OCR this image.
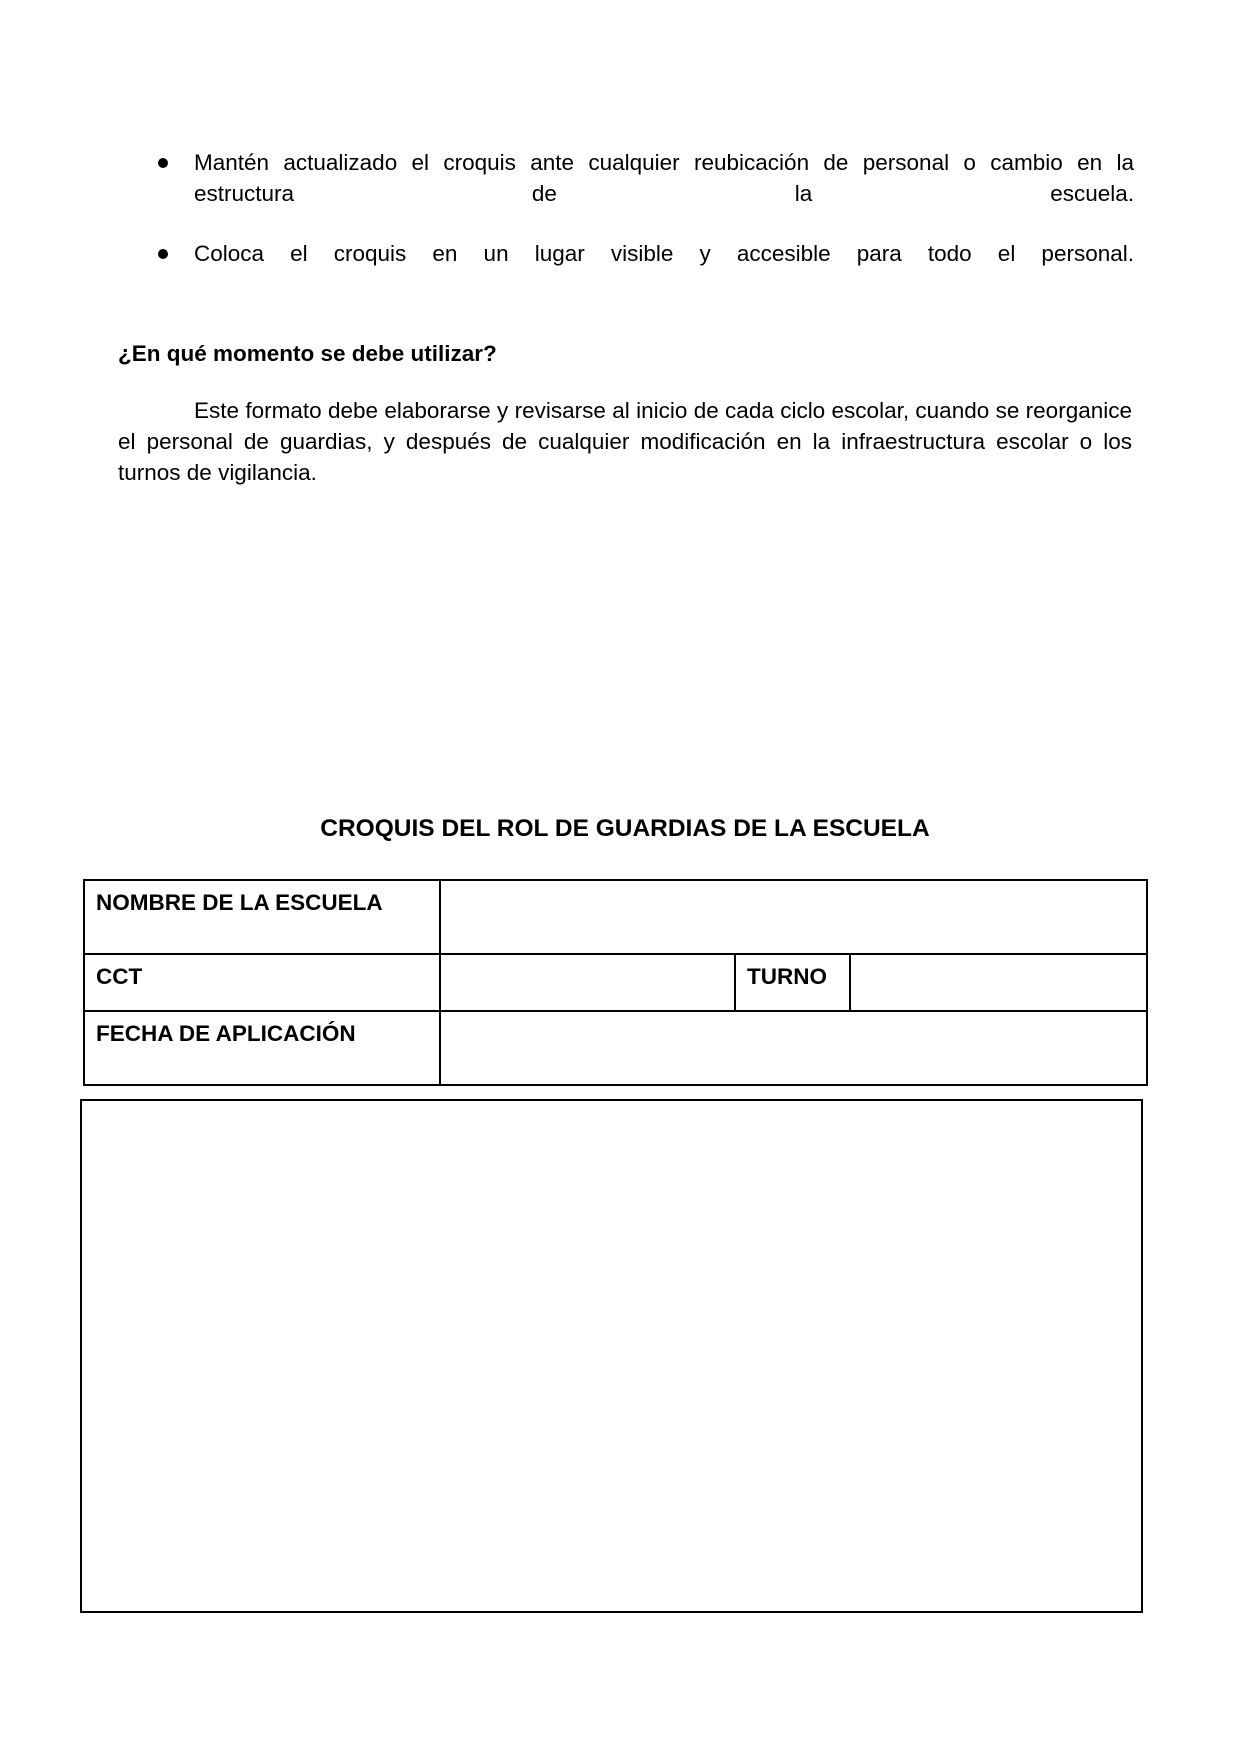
Mantén actualizado el croquis ante cualquier reubicación de personal o cambio en la estructura de la escuela.
Coloca el croquis en un lugar visible y accesible para todo el personal.
¿En qué momento se debe utilizar?

Este formato debe elaborarse y revisarse al inicio de cada ciclo escolar, cuando se reorganice el personal de guardias, y después de cualquier modificación en la infraestructura escolar o los turnos de vigilancia.

CROQUIS DEL ROL DE GUARDIAS DE LA ESCUELA
NOMBRE DE LA ESCUELA			
CCT		TURNO	
FECHA DE APLICACIÓN			
